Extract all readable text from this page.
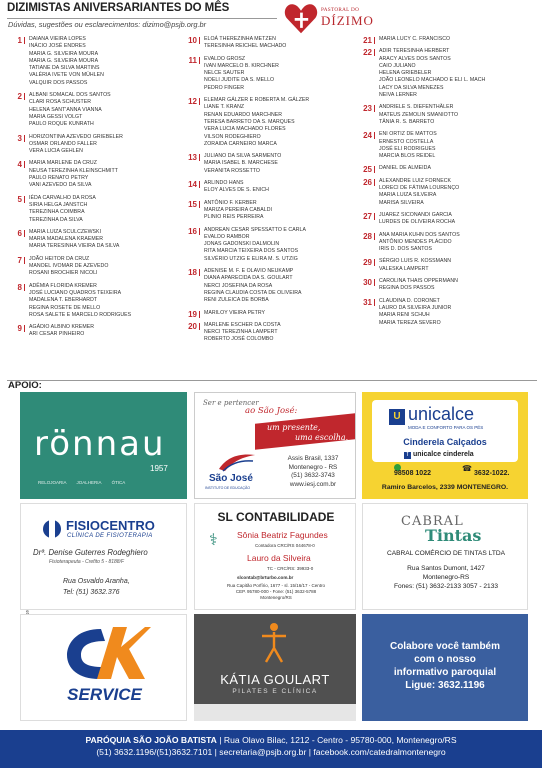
DIZIMISTAS ANIVERSARIANTES DO MÊS
Dúvidas, sugestões ou esclarecimentos: dizimo@psjb.org.br
PASTORAL DO
DÍZIMO
1 DAIANA VIEIRA LOPES
INÁCIO JOSÉ ENDRES
MARIA G. SILVEIRA MOURA
MARIA G. SILVEIRA MOURA
TATIANE DA SILVA MARTINS
VALÉRIA IVETE VON MÜHLEN
VALQUIR DOS PASSOS
2 ALBANI SOMACAL DOS SANTOS
CLARI ROSA SCHUSTER
HELENA SANT'ANNA VIANNA
MARIA GESSI VOLGT
PAULO ROQUE KUNRATH
3 HORIZONTINA AZEVEDO GRIEBELER
OSMAR ORLANDO FALLER
VERA LUCIA GEHLEN
4 MARIA MARLENE DA CRUZ
NEUSA TEREZINHA KLEINSCHMITT
PAULO RENATO PETRY
VANI AZEVEDO DA SILVA
5 IÉDA CARVALHO DA ROSA
SIRIA HELGA JANSTCH
TEREZINHA COIMBRA
TEREZINHA DA SILVA
6 MARIA LUIZA SCULCZEWSKI
MARIA MADALENA KRAEMER
MARIA TERESINHA VIEIRA DA SILVA
7 JOÃO HEITOR DA CRUZ
MANOEL IVOMAR DE AZEVEDO
ROSANI BROCHIER NICOLI
8 ADÊMIA FLORIDA KREMER
JOSÉ LUCIANO QUADROS TEIXEIRA
MADALENA T. EBERHARDT
REGINA ROSETE DE MELLO
ROSA SALETE E MARCELO RODRIGUES
9 AGÁDIO ALBINO KREMER
ARI CESAR PINHEIRO
10 ELOÁ THEREZINHA METZEN
TERESINHA REICHEL MACHADO
11 EVALDO GROSZ
IVAN MARCELO B. KIRCHNER
NELCE SAUTER
NOELI JUDITE DA S. MELLO
PEDRO FINGER
12 ELEMAR GÁLZER E ROBERTA M. GÁLZER
LIANE T. KRANZ
RENAN EDUARDO MARCHNER
TERESA BARRETO DA S. MARQUES
VERA LUCIA MACHADO FLORES
VILSON RODEGHIERO
ZORAIDA CARNEIRO MARCA
13 JULIANO DA SILVA SARMENTO
MARIA ISABEL B. MARCHESE
VERANITA ROSSETTO
14 ARLINDO HANS
ELOY ALVES DE S. ENICH
15 ANTÔNIO F. KERBER
MARIZA PEREIRA CABALDI
PLINIO REIS PERREIRA
16 ANDREAN CESAR SPESSATTO E CARLA
EVALDO RAMBOR
JONAS GADONSKI DALMOLIN
RITA MARCIA TEIXEIRA DOS SANTOS
SILVÉRIO UTZIG E ELIRA M. S. UTZIG
18 ADENISE M. F. E OLAVIO NEUKAMP
DIANA APARECIDA DA S. GOULART
NERCI JOSEFINA DA ROSA
REGINA CLAUDIA COSTA DE OLIVEIRA
RENI ZULEICA DE BORBA
19 MARILOY VIEIRA PETRY
20 MARLENE ESCHER DA COSTA
NERCI TEREZINHA LAMPERT
ROBERTO JOSÉ COLOMBO
21 MARIA LUCY C. FRANCISCO
22 ADIR TERESINHA HERBERT
ARACY ALVES DOS SANTOS
CAIO JULIANO
HELENA GRIEBELER
JOÃO LEONELO MACHADO E ELI L. MACH
LACY DA SILVA MENEZES
NEIVA LERNER
23 ANDRIELE S. DIEFENTHÄLER
MATEUS ZEMOLIN SMANIOTTO
TÂNIA R. S. BARRETO
24 ENI ORTIZ DE MATTOS
ERNESTO COSTELLA
JOSÉ ELI RODRIGUES
MARCIA BLOS REIDEL
25 DANIEL DE ALMEIDA
26 ALEXANDRE LUIZ FORNECK
LORECI DE FÁTIMA LOURENÇO
MARIA LUIZA SILVEIRA
MARISA SILVEIRA
27 JUAREZ SICONANDI GARCIA
LURDES DE OLIVEIRA ROCHA
28 ANA MARIA KUHN DOS SANTOS
ANTÔNIO MENDES PLÁCIDO
IRIS D. DOS SANTOS
29 SÉRGIO LUIS R. KOSSMANN
VALESKA LAMPERT
30 CAROLINA THAIS OPPERMANN
REGINA DOS PASSOS
31 CLAUDINA D. CORONET
LAURO DA SILVEIRA JUNIOR
MARIA RENI SCHUH
MARIA TEREZA SEVERO
APOIO:
rönnau
1957
RELOJOARIA JOALHERIA ÓTICA
Ser e pertencer
ao São José:
um presente,
uma escolha.
São José
INSTITUTO DE EDUCAÇÃO
Assis Brasil, 1337
Montenegro - RS
(51) 3632-3743
www.iesj.com.br
U unicalce
MODA E CONFORTO PARA OS PÉS
Cinderela Calçados
f unicalce cinderela
98508 1022
☎
3632-1022.
Ramiro Barcelos, 2339 MONTENEGRO.
FISIOCENTRO
CLÍNICA DE FISIOTERAPIA
Drª. Denise Guterres Rodeghiero
Fisioterapeuta - Crefito 5 - 8188/F
Rua Osvaldo Aranha,
Tel: (51) 3632.376
SL CONTABILIDADE
⚕ Sônia Beatriz Fagundes
Contadora CRC/RS 044678-0
Lauro da Silveira
TC - CRC/RS: 39933-0
slcontab@brturbo.com.br
Rua Capitão Porfírio, 1677 - sl. 15/16/17 - Centro
CEP. 95780-000 - Fone: (51) 3632-5788
Montenegro/RS
CABRAL
Tintas
CABRAL COMÉRCIO DE TINTAS LTDA
Rua Santos Dumont, 1427
Montenegro-RS
Fones: (51) 3632-2133 3057 - 2133
SERVICE
KÁTIA GOULART
PILATES E CLÍNICA
Colabore você também
com o nosso
informativo paroquial
Ligue: 3632.1196
PARÓQUIA SÃO JOÃO BATISTA | Rua Olavo Bilac, 1212 - Centro - 95780-000, Montenegro/RS
(51) 3632.1196/(51)3632.7101 | secretaria@psjb.org.br | facebook.com/catedralmontenegro
